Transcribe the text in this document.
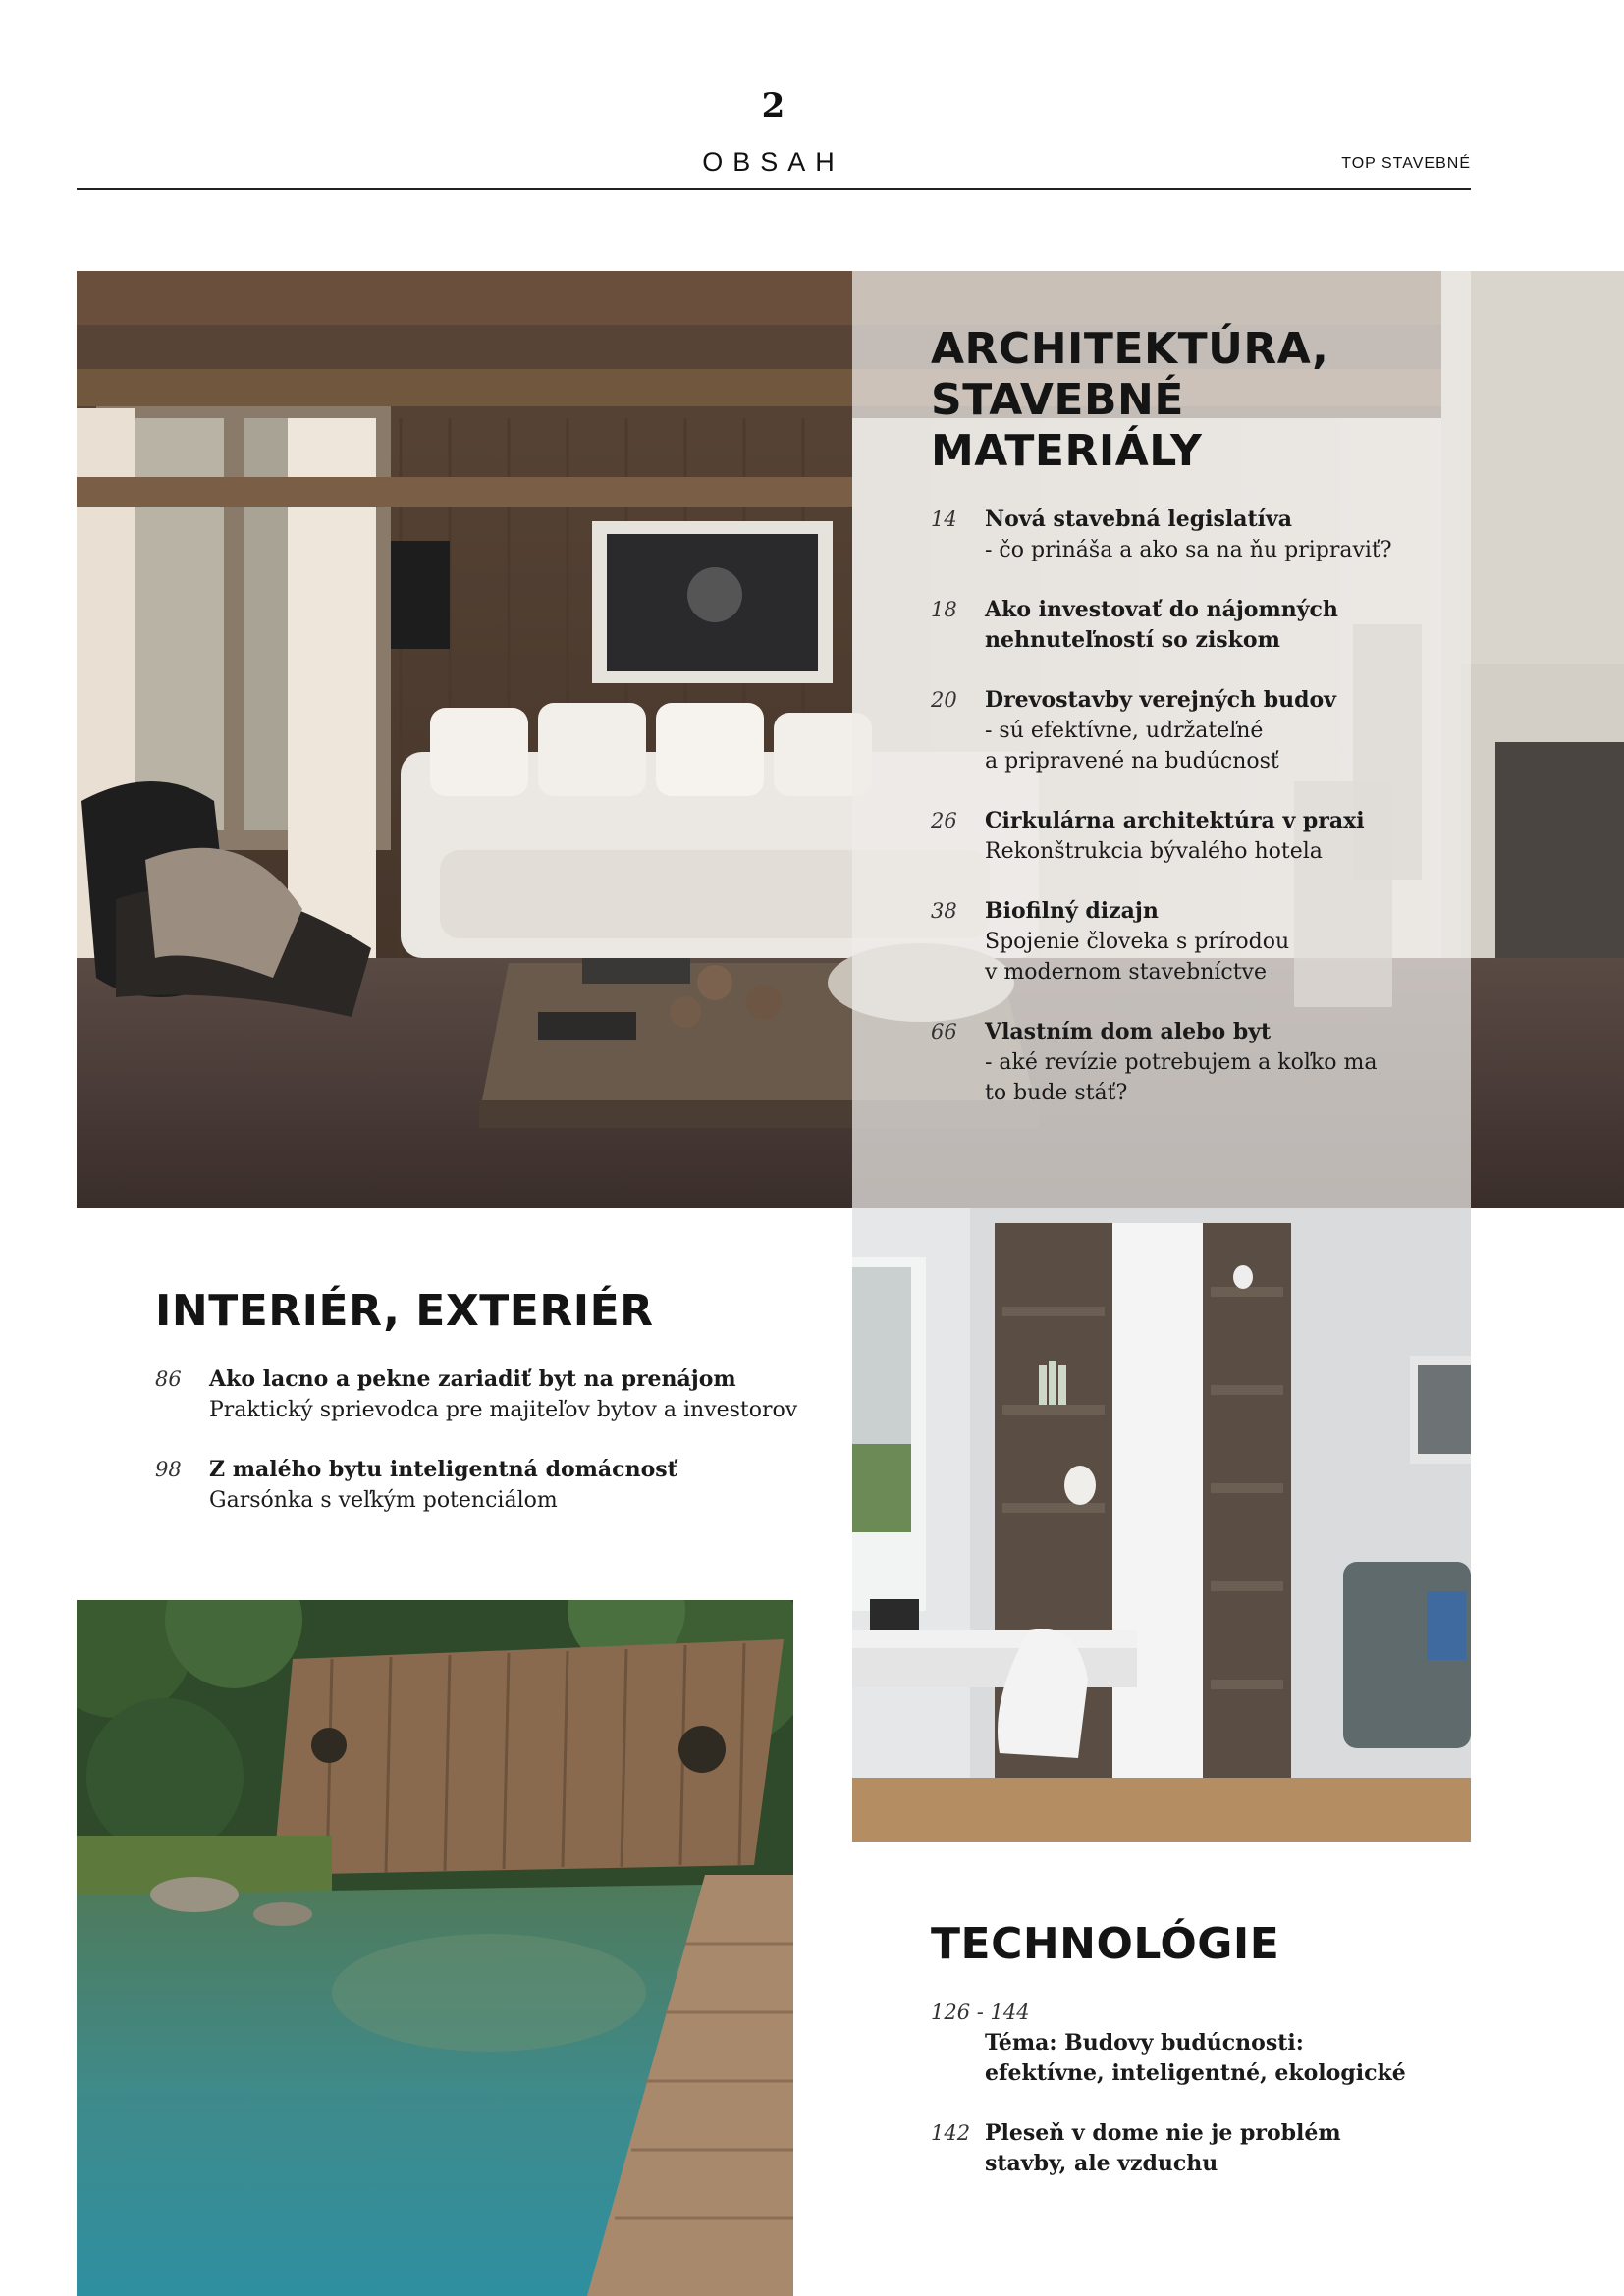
2
OBSAH	TOP STAVEBNÉ
ARCHITEKTÚRA,
STAVEBNÉ
MATERIÁLY
14	Nová stavebná legislatíva
- čo prináša a ako sa na ňu pripraviť?
18	Ako investovať do nájomných
nehnuteľností so ziskom
20	Drevostavby verejných budov
- sú efektívne, udržateľné
a pripravené na budúcnosť
26	Cirkulárna architektúra v praxi
Rekonštrukcia bývalého hotela
38	Biofilný dizajn
Spojenie človeka s prírodou
v modernom stavebníctve
66	Vlastním dom alebo byt
- aké revízie potrebujem a koľko ma
to bude stáť?
INTERIÉR, EXTERIÉR
86	Ako lacno a pekne zariadiť byt na prenájom
Praktický sprievodca pre majiteľov bytov a investorov
98	Z malého bytu inteligentná domácnosť
Garsónka s veľkým potenciálom
TECHNOLÓGIE
126 - 144
Téma: Budovy budúcnosti:
efektívne, inteligentné, ekologické
142 Pleseň v dome nie je problém
stavby, ale vzduchu
